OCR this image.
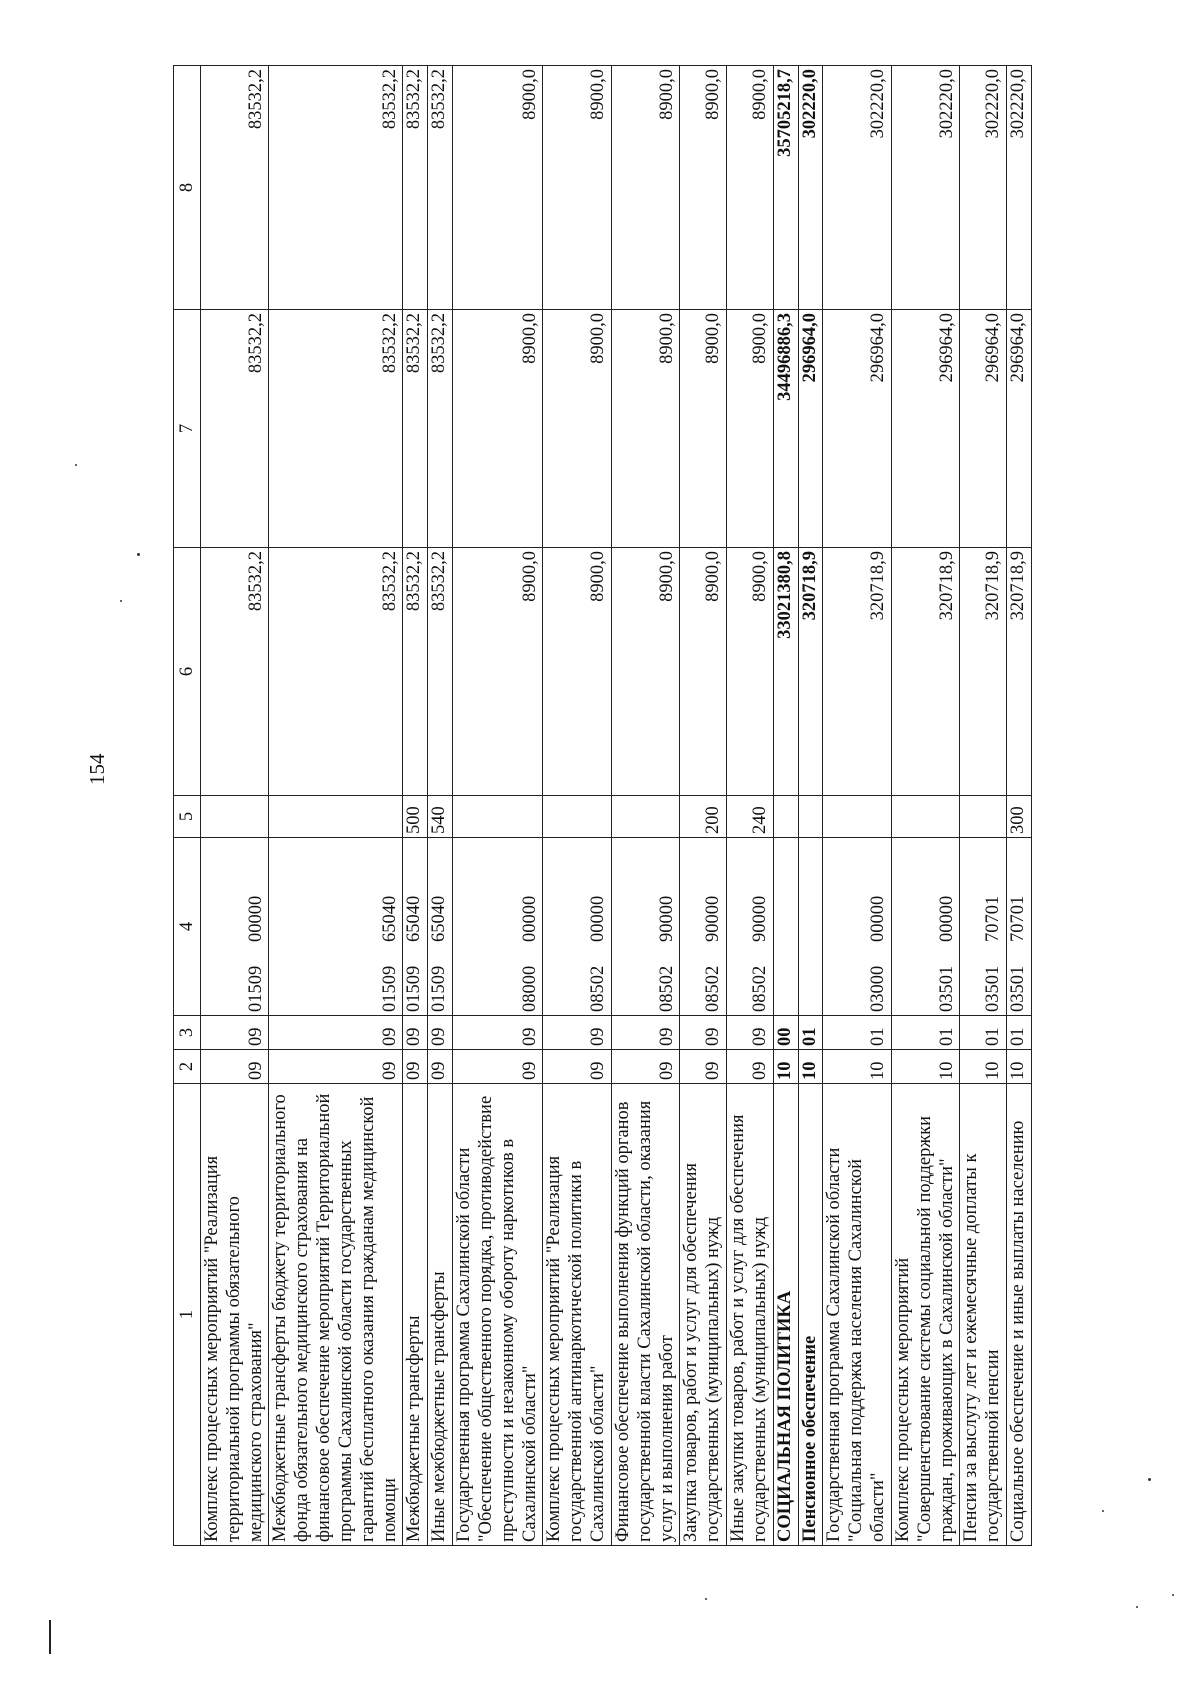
154
1	2	3	4	5	6	7	8
Комплекс процессных мероприятий "Реализация территориальной программы обязательного медицинского страхования"	09	09	0150900000		83532,2	83532,2	83532,2
Межбюджетные трансферты бюджету территориального фонда обязательного медицинского страхования на финансовое обеспечение мероприятий Территориальной программы Сахалинской области государственных гарантий бесплатного оказания гражданам медицинской помощи	09	09	0150965040		83532,2	83532,2	83532,2
Межбюджетные трансферты	09	09	0150965040	500	83532,2	83532,2	83532,2
Иные межбюджетные трансферты	09	09	0150965040	540	83532,2	83532,2	83532,2
Государственная программа Сахалинской области "Обеспечение общественного порядка, противодействие преступности и незаконному обороту наркотиков в Сахалинской области"	09	09	0800000000		8900,0	8900,0	8900,0
Комплекс процессных мероприятий "Реализация государственной антинаркотической политики в Сахалинской области"	09	09	0850200000		8900,0	8900,0	8900,0
Финансовое обеспечение выполнения функций органов государственной власти Сахалинской области, оказания услуг и выполнения работ	09	09	0850290000		8900,0	8900,0	8900,0
Закупка товаров, работ и услуг для обеспечения государственных (муниципальных) нужд	09	09	0850290000	200	8900,0	8900,0	8900,0
Иные закупки товаров, работ и услуг для обеспечения государственных (муниципальных) нужд	09	09	0850290000	240	8900,0	8900,0	8900,0
СОЦИАЛЬНАЯ ПОЛИТИКА	10	00			33021380,8	34496886,3	35705218,7
Пенсионное обеспечение	10	01			320718,9	296964,0	302220,0
Государственная программа Сахалинской области "Социальная поддержка населения Сахалинской области"	10	01	0300000000		320718,9	296964,0	302220,0
Комплекс процессных мероприятий "Совершенствование системы социальной поддержки граждан, проживающих в Сахалинской области"	10	01	0350100000		320718,9	296964,0	302220,0
Пенсии за выслугу лет и ежемесячные доплаты к государственной пенсии	10	01	0350170701		320718,9	296964,0	302220,0
Социальное обеспечение и иные выплаты населению	10	01	0350170701	300	320718,9	296964,0	302220,0
